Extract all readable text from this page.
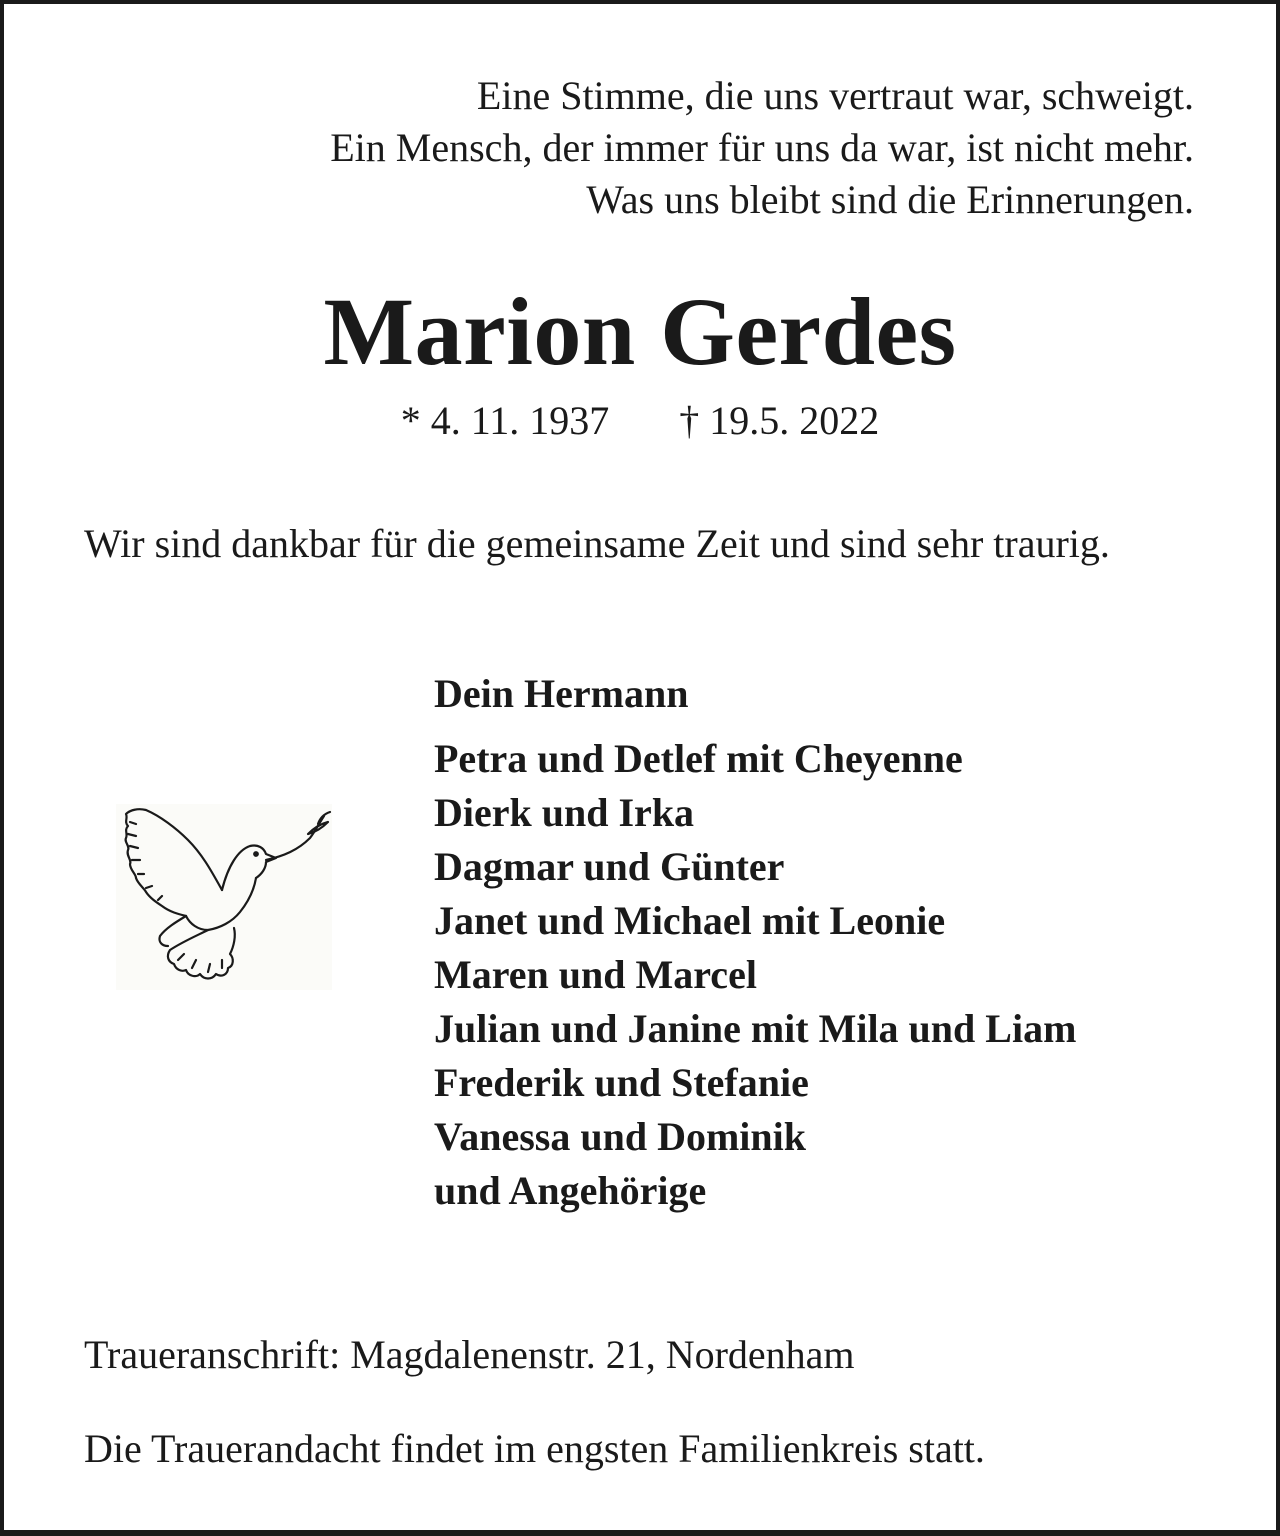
Eine Stimme, die uns vertraut war, schweigt.
Ein Mensch, der immer für uns da war, ist nicht mehr.
Was uns bleibt sind die Erinnerungen.
Marion Gerdes
* 4. 11. 1937 † 19.5. 2022
Wir sind dankbar für die gemeinsame Zeit und sind sehr traurig.
Dein Hermann
Petra und Detlef mit Cheyenne
Dierk und Irka
Dagmar und Günter
Janet und Michael mit Leonie
Maren und Marcel
Julian und Janine mit Mila und Liam
Frederik und Stefanie
Vanessa und Dominik
und Angehörige
Traueranschrift: Magdalenenstr. 21, Nordenham
Die Trauerandacht findet im engsten Familienkreis statt.
